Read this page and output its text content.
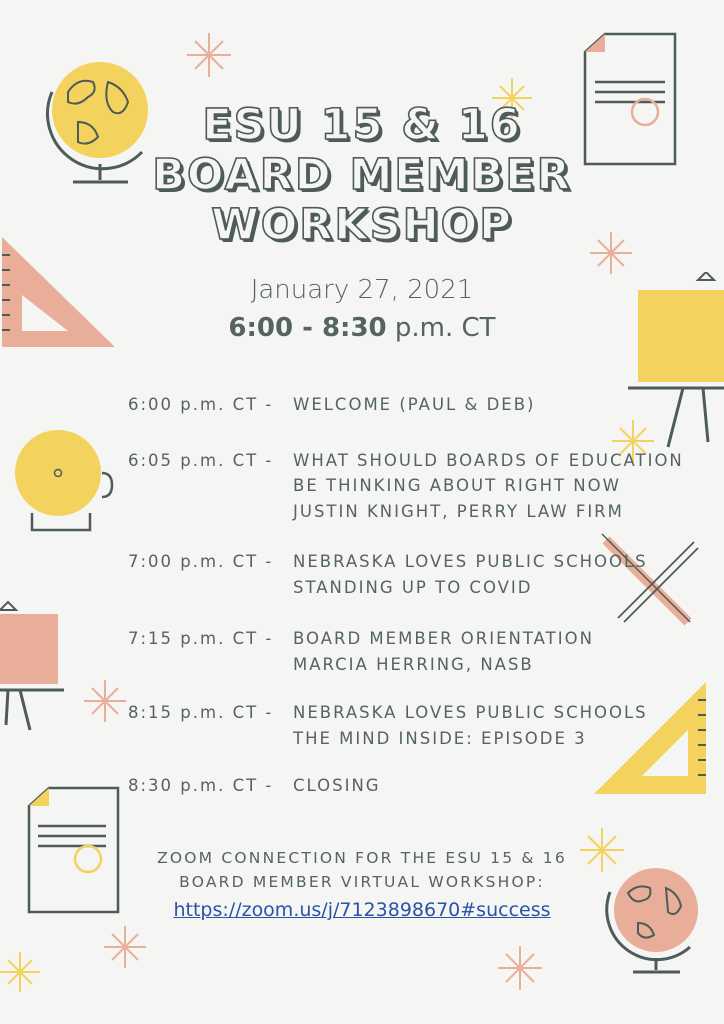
ESU 15 & 16
BOARD MEMBER
WORKSHOP
January 27, 2021
6:00 - 8:30 p.m. CT
6:00 p.m. CT - WELCOME (PAUL & DEB)
6:05 p.m. CT - WHAT SHOULD BOARDS OF EDUCATION
BE THINKING ABOUT RIGHT NOW
JUSTIN KNIGHT, PERRY LAW FIRM
7:00 p.m. CT - NEBRASKA LOVES PUBLIC SCHOOLS
STANDING UP TO COVID
7:15 p.m. CT - BOARD MEMBER ORIENTATION
MARCIA HERRING, NASB
8:15 p.m. CT - NEBRASKA LOVES PUBLIC SCHOOLS
THE MIND INSIDE: EPISODE 3
8:30 p.m. CT - CLOSING
ZOOM CONNECTION FOR THE ESU 15 & 16
BOARD MEMBER VIRTUAL WORKSHOP:
https://zoom.us/j/7123898670#success
